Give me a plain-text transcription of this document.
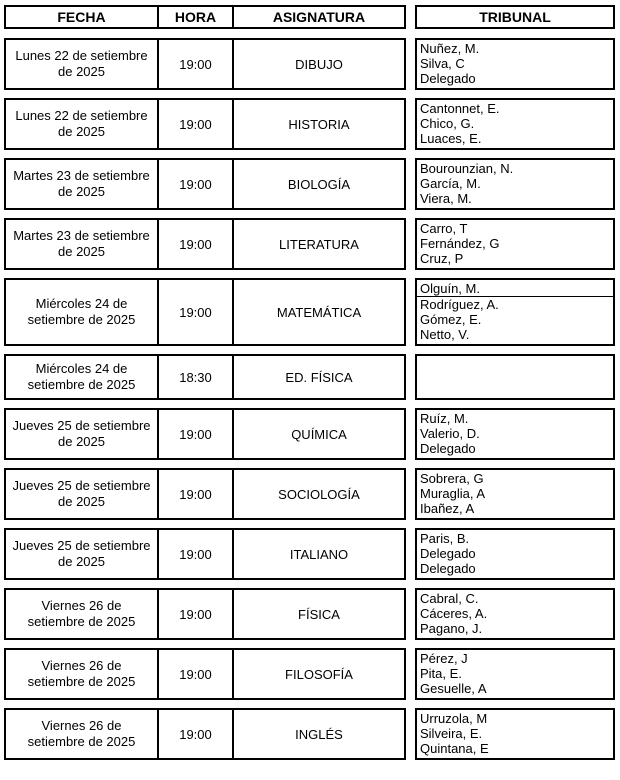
FECHA	HORA	ASIGNATURA	TRIBUNAL
Lunes 22 de setiembre de 2025	19:00	DIBUJO
Nuñez, M.
Silva, C
Delegado
Lunes 22 de setiembre de 2025	19:00	HISTORIA
Cantonnet, E.
Chico, G.
Luaces, E.
Martes 23 de setiembre de 2025	19:00	BIOLOGÍA
Bourounzian, N.
García, M.
Viera, M.
Martes 23 de setiembre de 2025	19:00	LITERATURA
Carro, T
Fernández, G
Cruz, P
Miércoles 24 de setiembre de 2025	19:00	MATEMÁTICA
Olguín, M.
Rodríguez, A.
Gómez, E.
Netto, V.
Miércoles 24 de setiembre de 2025	18:30	ED. FÍSICA
Jueves 25 de setiembre de 2025	19:00	QUÍMICA
Ruíz, M.
Valerio, D.
Delegado
Jueves 25 de setiembre de 2025	19:00	SOCIOLOGÍA
Sobrera, G
Muraglia, A
Ibañez, A
Jueves 25 de setiembre de 2025	19:00	ITALIANO
Paris, B.
Delegado
Delegado
Viernes 26 de setiembre de 2025	19:00	FÍSICA
Cabral, C.
Cáceres, A.
Pagano, J.
Viernes 26 de setiembre de 2025	19:00	FILOSOFÍA
Pérez, J
Pita, E.
Gesuelle, A
Viernes 26 de setiembre de 2025	19:00	INGLÉS
Urruzola, M
Silveira, E.
Quintana, E
